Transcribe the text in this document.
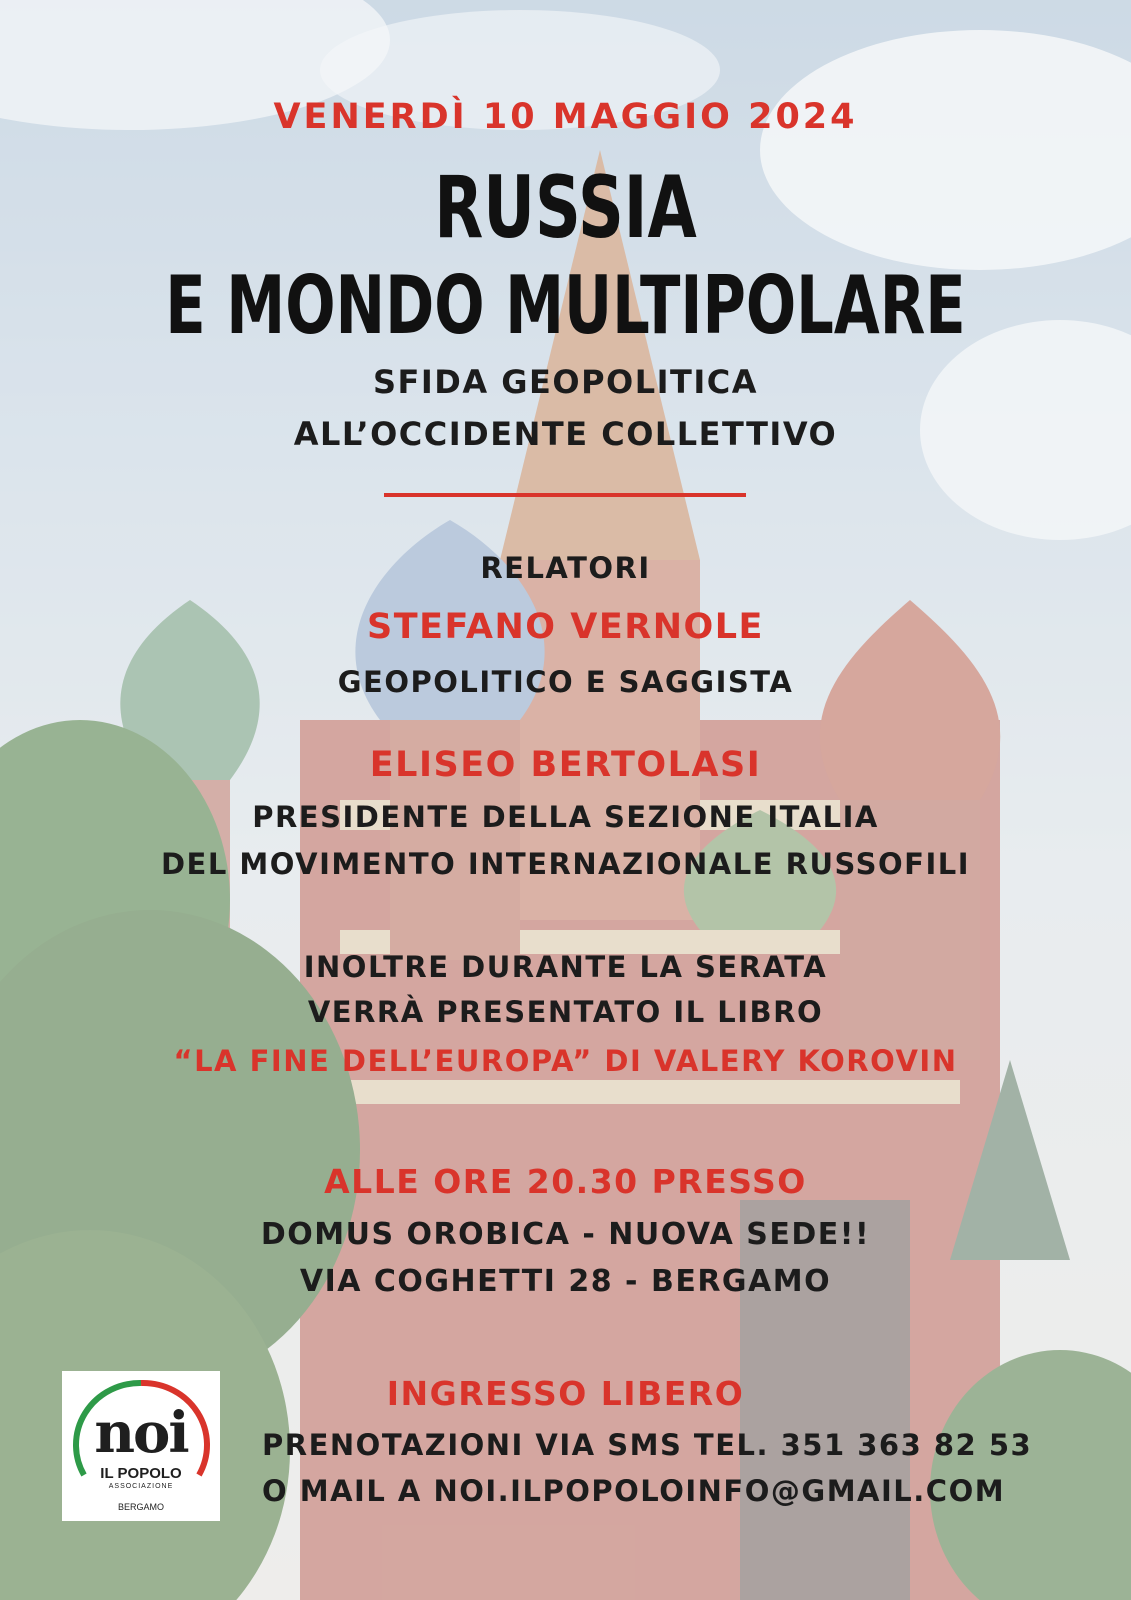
VENERDÌ 10 MAGGIO 2024

RUSSIA

E MONDO MULTIPOLARE

SFIDA GEOPOLITICA

ALL’OCCIDENTE COLLETTIVO

RELATORI

STEFANO VERNOLE

GEOPOLITICO E SAGGISTA

ELISEO BERTOLASI

PRESIDENTE DELLA SEZIONE ITALIA

DEL MOVIMENTO INTERNAZIONALE RUSSOFILI

INOLTRE DURANTE LA SERATA

VERRÀ PRESENTATO IL LIBRO

“LA FINE DELL’EUROPA” DI VALERY KOROVIN

ALLE ORE 20.30 PRESSO

DOMUS OROBICA - NUOVA SEDE!!

VIA COGHETTI 28 - BERGAMO

INGRESSO LIBERO

PRENOTAZIONI VIA SMS TEL. 351 363 82 53

O MAIL A NOI.ILPOPOLOINFO@GMAIL.COM

noi
IL POPOLO
ASSOCIAZIONE
BERGAMO
